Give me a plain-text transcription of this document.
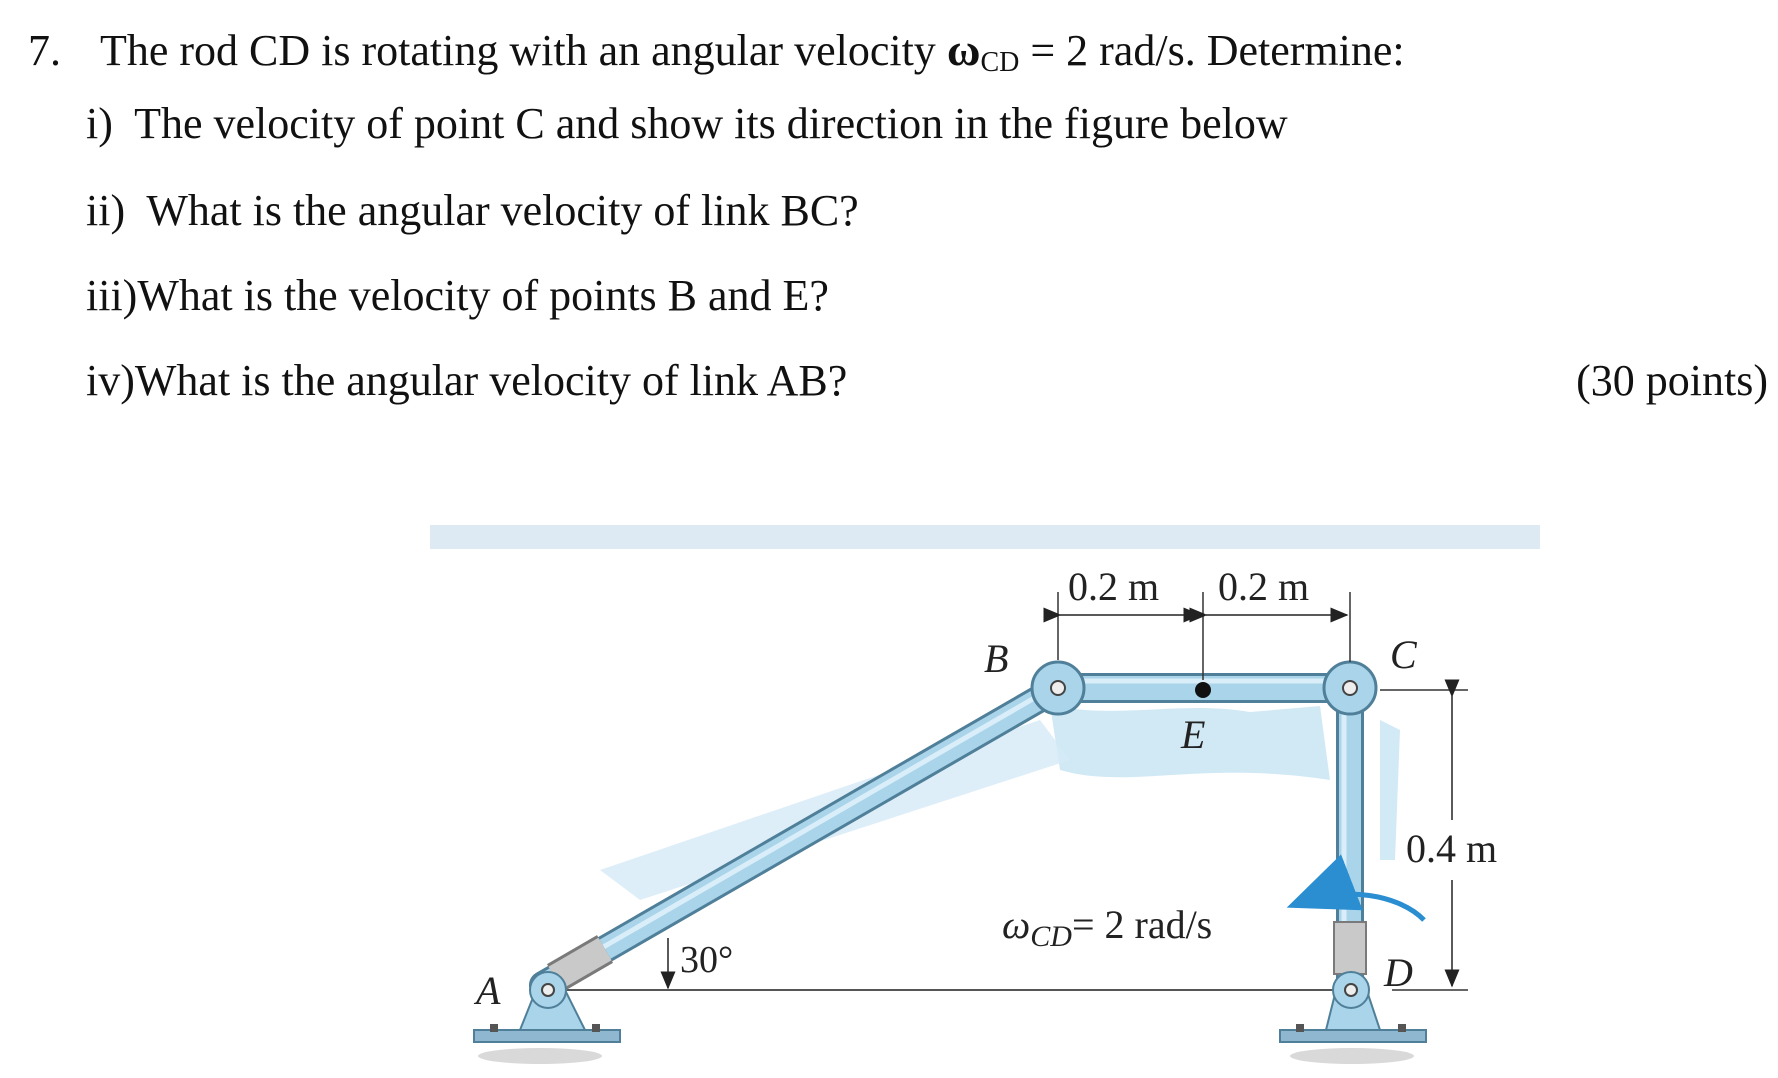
7. The rod CD is rotating with an angular velocity $\omega_{CD} = 2$ rad/s. Determine:
i) The velocity of point C and show its direction in the figure below
ii) What is the angular velocity of link BC?
iii)What is the velocity of points B and E?
iv)What is the angular velocity of link AB?	(30 points)
0.2 m 0.2 m
0.4 m
30°
$\omega_{CD}= 2$ rad/s
A
B	C
D
E
